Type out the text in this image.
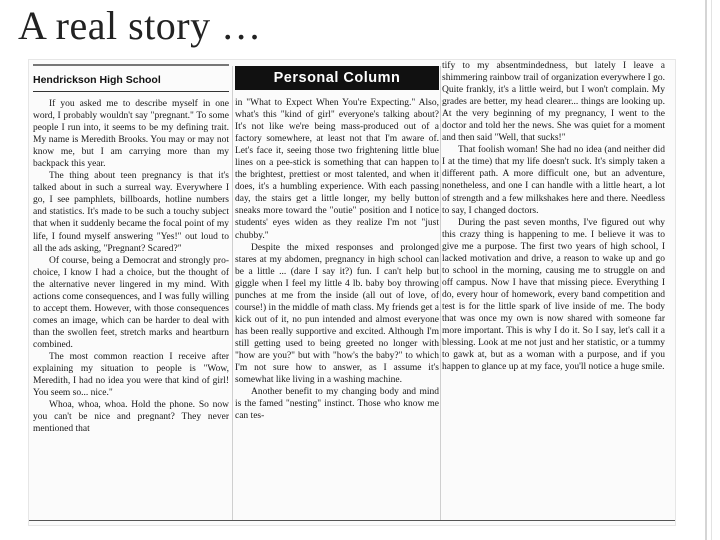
A real story …
Hendrickson High School

If you asked me to describe myself in one word, I probably wouldn't say "pregnant." To some people I run into, it seems to be my defining trait. My name is Meredith Brooks. You may or may not know me, but I am carrying more than my backpack this year.

The thing about teen pregnancy is that it's talked about in such a surreal way. Everywhere I go, I see pamphlets, billboards, hotline numbers and statistics. It's made to be such a touchy subject that when it suddenly became the focal point of my life, I found myself answering "Yes!" out loud to all the ads asking, "Pregnant? Scared?"

Of course, being a Democrat and strongly pro-choice, I know I had a choice, but the thought of the alternative never lingered in my mind. With actions come consequences, and I was fully willing to accept them. However, with those consequences comes an image, which can be harder to deal with than the swollen feet, stretch marks and heartburn combined.

The most common reaction I receive after explaining my situation to people is "Wow, Meredith, I had no idea you were that kind of girl! You seem so... nice."

Whoa, whoa, whoa. Hold the phone. So now you can't be nice and pregnant? They never mentioned that

Personal Column

in "What to Expect When You're Expecting." Also, what's this "kind of girl" everyone's talking about? It's not like we're being mass-produced out of a factory somewhere, at least not that I'm aware of. Let's face it, seeing those two frightening little blue lines on a pee-stick is something that can happen to the brightest, prettiest or most talented, and when it does, it's a humbling experience. With each passing day, the stairs get a little longer, my belly button sneaks more toward the "outie" position and I notice students' eyes widen as they realize I'm not "just chubby."

Despite the mixed responses and prolonged stares at my abdomen, pregnancy in high school can be a little ... (dare I say it?) fun. I can't help but giggle when I feel my little 4 lb. baby boy throwing punches at me from the inside (all out of love, of course!) in the middle of math class. My friends get a kick out of it, no pun intended and almost everyone has been really supportive and excited. Although I'm still getting used to being greeted no longer with "how are you?" but with "how's the baby?" to which I'm not sure how to answer, as I assume it's somewhat like living in a washing machine.

Another benefit to my changing body and mind is the famed "nesting" instinct. Those who know me can tes-

tify to my absentmindedness, but lately I leave a shimmering rainbow trail of organization everywhere I go. Quite frankly, it's a little weird, but I won't complain. My grades are better, my head clearer... things are looking up. At the very beginning of my pregnancy, I went to the doctor and told her the news. She was quiet for a moment and then said "Well, that sucks!"

That foolish woman! She had no idea (and neither did I at the time) that my life doesn't suck. It's simply taken a different path. A more difficult one, but an adventure, nonetheless, and one I can handle with a little heart, a lot of strength and a few milkshakes here and there. Needless to say, I changed doctors.

During the past seven months, I've figured out why this crazy thing is happening to me. I believe it was to give me a purpose. The first two years of high school, I lacked motivation and drive, a reason to wake up and go to school in the morning, causing me to struggle on and off campus. Now I have that missing piece. Everything I do, every hour of homework, every band competition and test is for the little spark of live inside of me. The body that was once my own is now shared with someone far more important. This is why I do it. So I say, let's call it a blessing. Look at me not just and her statistic, or a tummy to gawk at, but as a woman with a purpose, and if you happen to glance up at my face, you'll notice a huge smile.
